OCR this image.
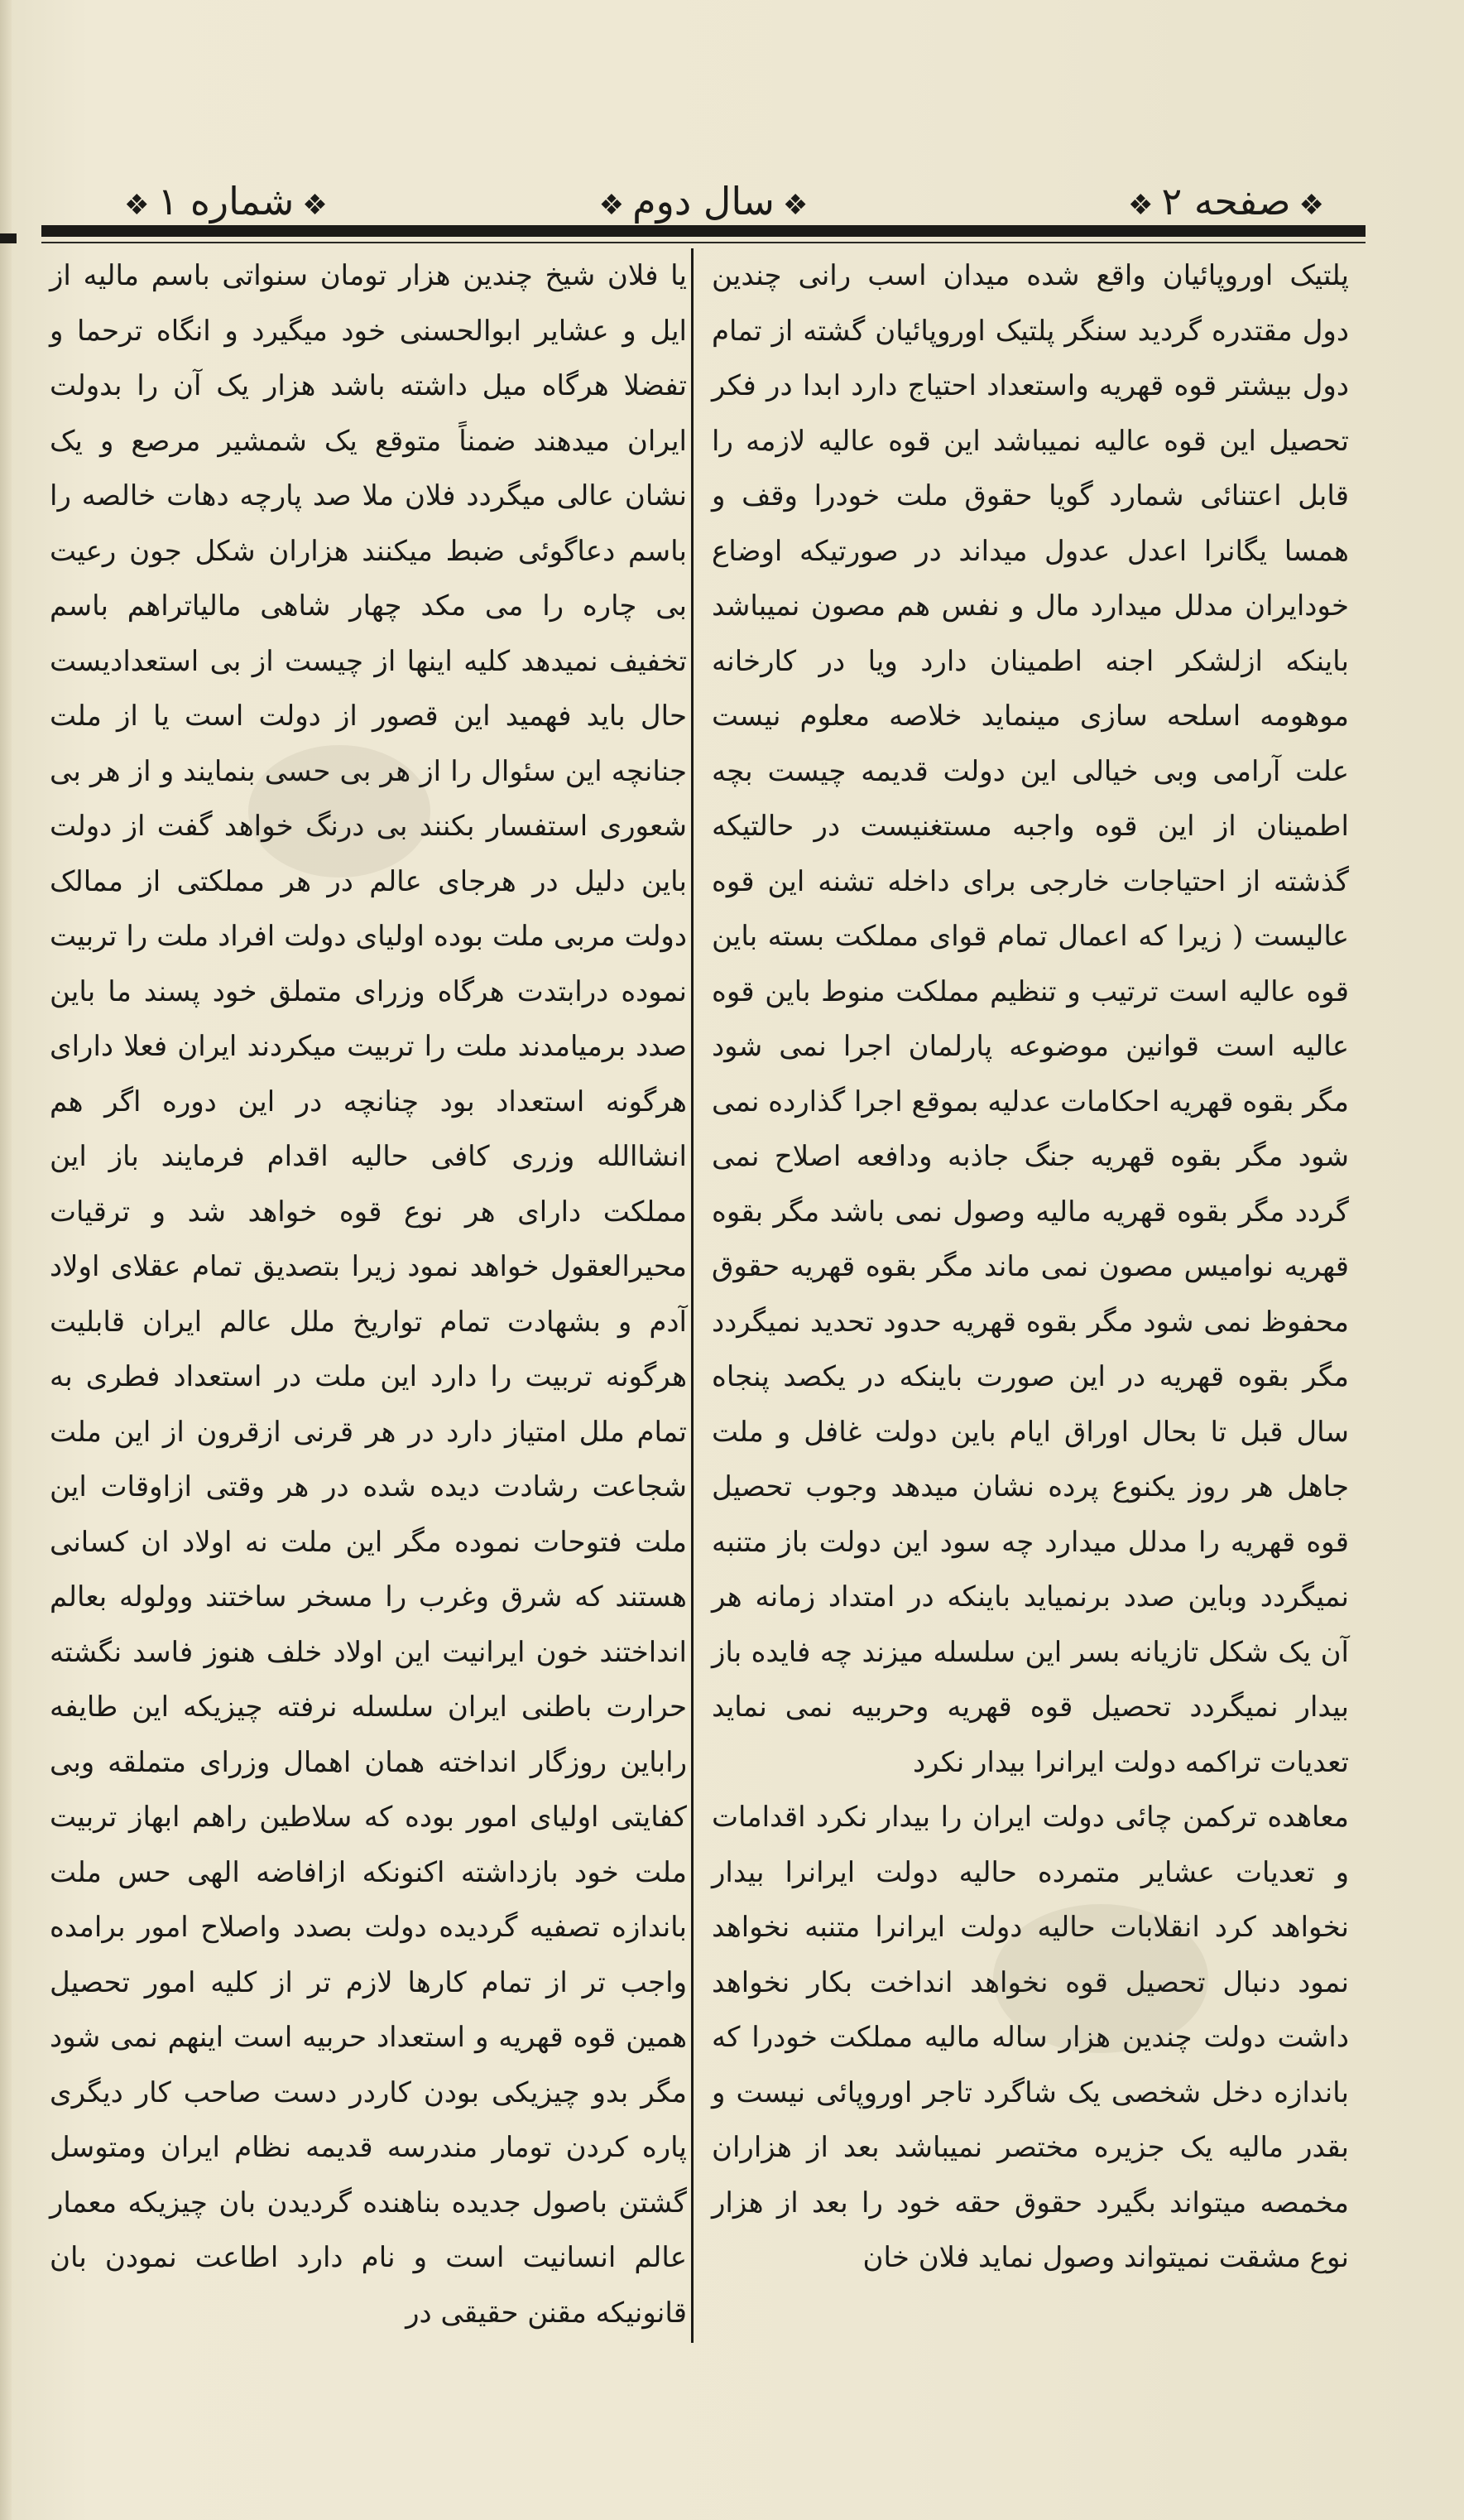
❖صفحه ۲❖
❖سال دوم❖
❖شماره ۱❖

پلتیک اوروپائیان واقع شده میدان اسب رانی چندین دول مقتدره گردید سنگر پلتیک اوروپائیان گشته از تمام دول بیشتر قوه قهریه واستعداد احتیاج دارد ابدا در فکر تحصیل این قوه عالیه نمیباشد این قوه عالیه لازمه را قابل اعتنائی شمارد گویا حقوق ملت خودرا وقف و همسا یگانرا اعدل عدول میداند در صورتیکه اوضاع خودایران مدلل میدارد مال و نفس هم مصون نمیباشد باینکه ازلشکر اجنه اطمینان دارد ویا در کارخانه موهومه اسلحه سازی مینماید خلاصه معلوم نیست علت آرامی وبی خیالی این دولت قدیمه چیست بچه اطمینان از این قوه واجبه مستغنیست در حالتیکه گذشته از احتیاجات خارجی برای داخله تشنه این قوه عالیست ( زیرا که اعمال تمام قوای مملکت بسته باین قوه عالیه است ترتیب و تنظیم مملکت منوط باین قوه عالیه است قوانین موضوعه پارلمان اجرا نمی شود مگر بقوه قهریه احکامات عدلیه بموقع اجرا گذارده نمی شود مگر بقوه قهریه جنگ جاذبه ودافعه اصلاح نمی گردد مگر بقوه قهریه مالیه وصول نمی باشد مگر بقوه قهریه نوامیس مصون نمی ماند مگر بقوه قهریه حقوق محفوظ نمی شود مگر بقوه قهریه حدود تحدید نمیگردد مگر بقوه قهریه در این صورت باینکه در یکصد پنجاه سال قبل تا بحال اوراق ایام باین دولت غافل و ملت جاهل هر روز یکنوع پرده نشان میدهد وجوب تحصیل قوه قهریه را مدلل میدارد چه سود این دولت باز متنبه نمیگردد وباین صدد برنمیاید باینکه در امتداد زمانه هر آن یک شکل تازیانه بسر این سلسله میزند چه فایده باز بیدار نمیگردد تحصیل قوه قهریه وحربیه نمی نماید تعدیات تراکمه دولت ایرانرا بیدار نکرد

معاهده ترکمن چائی دولت ایران را بیدار نکرد اقدامات و تعدیات عشایر متمرده حالیه دولت ایرانرا بیدار نخواهد کرد انقلابات حالیه دولت ایرانرا متنبه نخواهد نمود دنبال تحصیل قوه نخواهد انداخت بکار نخواهد داشت دولت چندین هزار ساله مالیه مملکت خودرا که باندازه دخل شخصی یک شاگرد تاجر اوروپائی نیست و بقدر مالیه یک جزیره مختصر نمیباشد بعد از هزاران مخمصه میتواند بگیرد حقوق حقه خود را بعد از هزار نوع مشقت نمیتواند وصول نماید فلان خان

یا فلان شیخ چندین هزار تومان سنواتی باسم مالیه از ایل و عشایر ابوالحسنی خود میگیرد و انگاه ترحما و تفضلا هرگاه میل داشته باشد هزار یک آن را بدولت ایران میدهند ضمناً متوقع یک شمشیر مرصع و یک نشان عالی میگردد فلان ملا صد پارچه دهات خالصه را باسم دعاگوئی ضبط میکنند هزاران شکل جون رعیت بی چاره را می مکد چهار شاهی مالیاتراهم باسم تخفیف نمیدهد کلیه اینها از چیست از بی استعدادیست حال باید فهمید این قصور از دولت است یا از ملت جنانچه این سئوال را از هر بی حسی بنمایند و از هر بی شعوری استفسار بکنند بی درنگ خواهد گفت از دولت باین دلیل در هرجای عالم در هر مملکتی از ممالک دولت مربی ملت بوده اولیای دولت افراد ملت را تربیت نموده درابتدت هرگاه وزرای متملق خود پسند ما باین صدد برمیامدند ملت را تربیت میکردند ایران فعلا دارای هرگونه استعداد بود چنانچه در این دوره اگر هم انشاالله وزری کافی حالیه اقدام فرمایند باز این مملکت دارای هر نوع قوه خواهد شد و ترقیات محیرالعقول خواهد نمود زیرا بتصدیق تمام عقلای اولاد آدم و بشهادت تمام تواریخ ملل عالم ایران قابلیت هرگونه تربیت را دارد این ملت در استعداد فطری به تمام ملل امتیاز دارد در هر قرنی ازقرون از این ملت شجاعت رشادت دیده شده در هر وقتی ازاوقات این ملت فتوحات نموده مگر این ملت نه اولاد ان کسانی هستند که شرق وغرب را مسخر ساختند وولوله بعالم انداختند خون ایرانیت این اولاد خلف هنوز فاسد نگشته حرارت باطنی ایران سلسله نرفته چیزیکه این طایفه راباین روزگار انداخته همان اهمال وزرای متملقه وبی کفایتی اولیای امور بوده که سلاطین راهم ابهاز تربیت ملت خود بازداشته اکنونکه ازافاضه الهی حس ملت باندازه تصفیه گردیده دولت بصدد واصلاح امور برامده واجب تر از تمام کارها لازم تر از کلیه امور تحصیل همین قوه قهریه و استعداد حربیه است اینهم نمی شود مگر بدو چیزیکی بودن کاردر دست صاحب کار دیگری پاره کردن تومار مندرسه قدیمه نظام ایران ومتوسل گشتن باصول جدیده بناهنده گردیدن بان چیزیکه معمار عالم انسانیت است و نام دارد اطاعت نمودن بان قانونیکه مقنن حقیقی در
